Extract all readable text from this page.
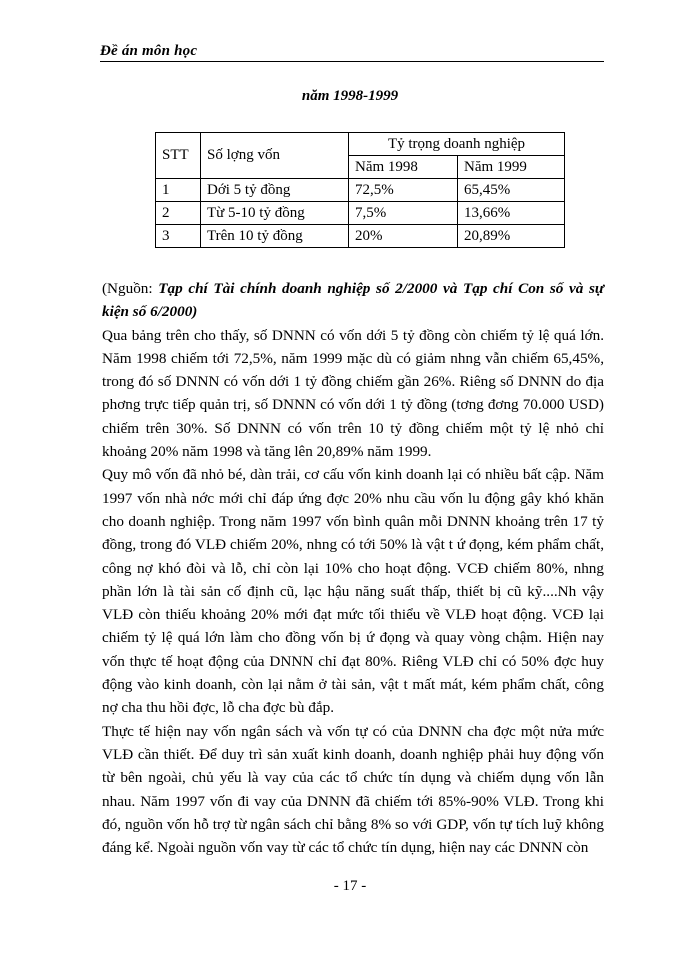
Đề án môn học
năm 1998-1999
STT	Số lợng vốn	Tỷ trọng doanh nghiệp	
		Năm 1998	Năm 1999
1	Dới 5 tỷ đồng	72,5%	65,45%
2	Từ 5-10 tỷ đồng	7,5%	13,66%
3	Trên 10 tỷ đồng	20%	20,89%

(Nguồn: Tạp chí Tài chính doanh nghiệp số 2/2000 và Tạp chí Con số và sự kiện số 6/2000)

Qua bảng trên cho thấy, số DNNN có vốn dới 5 tỷ đồng còn chiếm tỷ lệ quá lớn. Năm 1998 chiếm tới 72,5%, năm 1999 mặc dù có giảm nhng vẫn chiếm 65,45%, trong đó số DNNN có vốn dới 1 tỷ đồng chiếm gần 26%. Riêng số DNNN do địa phơng trực tiếp quản trị, số DNNN có vốn dới 1 tỷ đồng (tơng đơng 70.000 USD) chiếm trên 30%. Số DNNN có vốn trên 10 tỷ đồng chiếm một tỷ lệ nhỏ chỉ khoảng 20% năm 1998 và tăng lên 20,89% năm 1999.

Quy mô vốn đã nhỏ bé, dàn trải, cơ cấu vốn kinh doanh lại có nhiều bất cập. Năm 1997 vốn nhà nớc mới chỉ đáp ứng đợc 20% nhu cầu vốn lu động gây khó khăn cho doanh nghiệp. Trong năm 1997 vốn bình quân mỗi DNNN khoảng trên 17 tỷ đồng, trong đó VLĐ chiếm 20%, nhng có tới 50% là vật t ứ đọng, kém phẩm chất, công nợ khó đòi và lỗ, chỉ còn lại 10% cho hoạt động. VCĐ chiếm 80%, nhng phần lớn là tài sản cố định cũ, lạc hậu năng suất thấp, thiết bị cũ kỹ....Nh vậy VLĐ còn thiếu khoảng 20% mới đạt mức tối thiểu về VLĐ hoạt động. VCĐ lại chiếm tỷ lệ quá lớn làm cho đồng vốn bị ứ đọng và quay vòng chậm. Hiện nay vốn thực tế hoạt động của DNNN chỉ đạt 80%. Riêng VLĐ chỉ có 50% đợc huy động vào kinh doanh, còn lại nằm ở tài sản, vật t mất mát, kém phẩm chất, công nợ cha thu hồi đợc, lỗ cha đợc bù đắp.

Thực tế hiện nay vốn ngân sách và vốn tự có của DNNN cha đợc một nửa mức VLĐ cần thiết. Để duy trì sản xuất kinh doanh, doanh nghiệp phải huy động vốn từ bên ngoài, chủ yếu là vay của các tổ chức tín dụng và chiếm dụng vốn lẫn nhau. Năm 1997 vốn đi vay của DNNN đã chiếm tới 85%-90% VLĐ. Trong khi đó, nguồn vốn hỗ trợ từ ngân sách chỉ bằng 8% so với GDP, vốn tự tích luỹ không đáng kể. Ngoài nguồn vốn vay từ các tổ chức tín dụng, hiện nay các DNNN còn

- 17 -
